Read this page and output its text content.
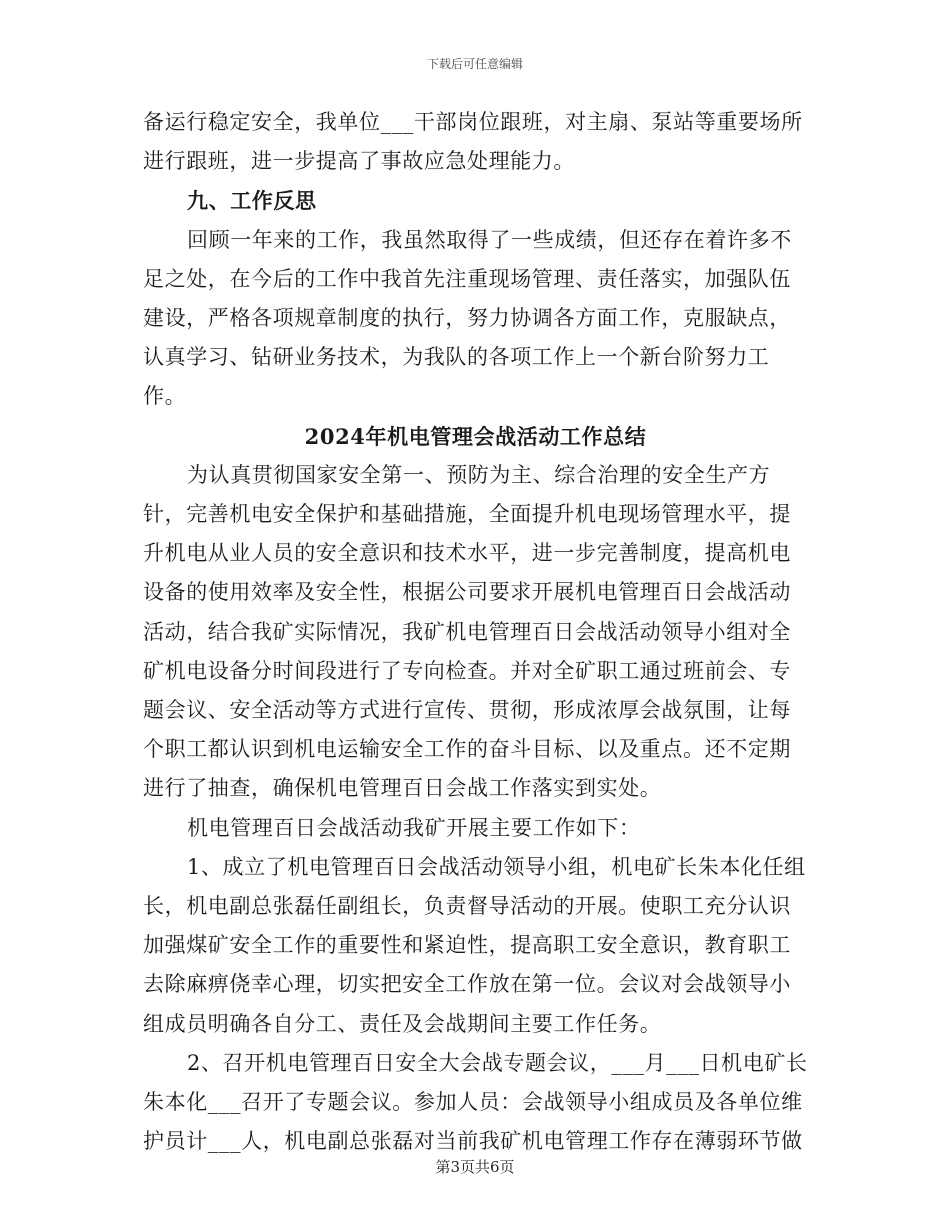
下载后可任意编辑

备运行稳定安全，我单位___干部岗位跟班，对主扇、泵站等重要场所进行跟班，进一步提高了事故应急处理能力。

九、工作反思

回顾一年来的工作，我虽然取得了一些成绩，但还存在着许多不足之处，在今后的工作中我首先注重现场管理、责任落实，加强队伍建设，严格各项规章制度的执行，努力协调各方面工作，克服缺点，认真学习、钻研业务技术，为我队的各项工作上一个新台阶努力工作。

2024年机电管理会战活动工作总结

为认真贯彻国家安全第一、预防为主、综合治理的安全生产方针，完善机电安全保护和基础措施，全面提升机电现场管理水平，提升机电从业人员的安全意识和技术水平，进一步完善制度，提高机电设备的使用效率及安全性，根据公司要求开展机电管理百日会战活动活动，结合我矿实际情况，我矿机电管理百日会战活动领导小组对全矿机电设备分时间段进行了专向检查。并对全矿职工通过班前会、专题会议、安全活动等方式进行宣传、贯彻，形成浓厚会战氛围，让每个职工都认识到机电运输安全工作的奋斗目标、以及重点。还不定期进行了抽查，确保机电管理百日会战工作落实到实处。

机电管理百日会战活动我矿开展主要工作如下：

1、成立了机电管理百日会战活动领导小组，机电矿长朱本化任组长，机电副总张磊任副组长，负责督导活动的开展。使职工充分认识加强煤矿安全工作的重要性和紧迫性，提高职工安全意识，教育职工去除麻痹侥幸心理，切实把安全工作放在第一位。会议对会战领导小组成员明确各自分工、责任及会战期间主要工作任务。

2、召开机电管理百日安全大会战专题会议，___月___日机电矿长朱本化___召开了专题会议。参加人员：会战领导小组成员及各单位维护员计___人，机电副总张磊对当前我矿机电管理工作存在薄弱环节做

第3页共6页
